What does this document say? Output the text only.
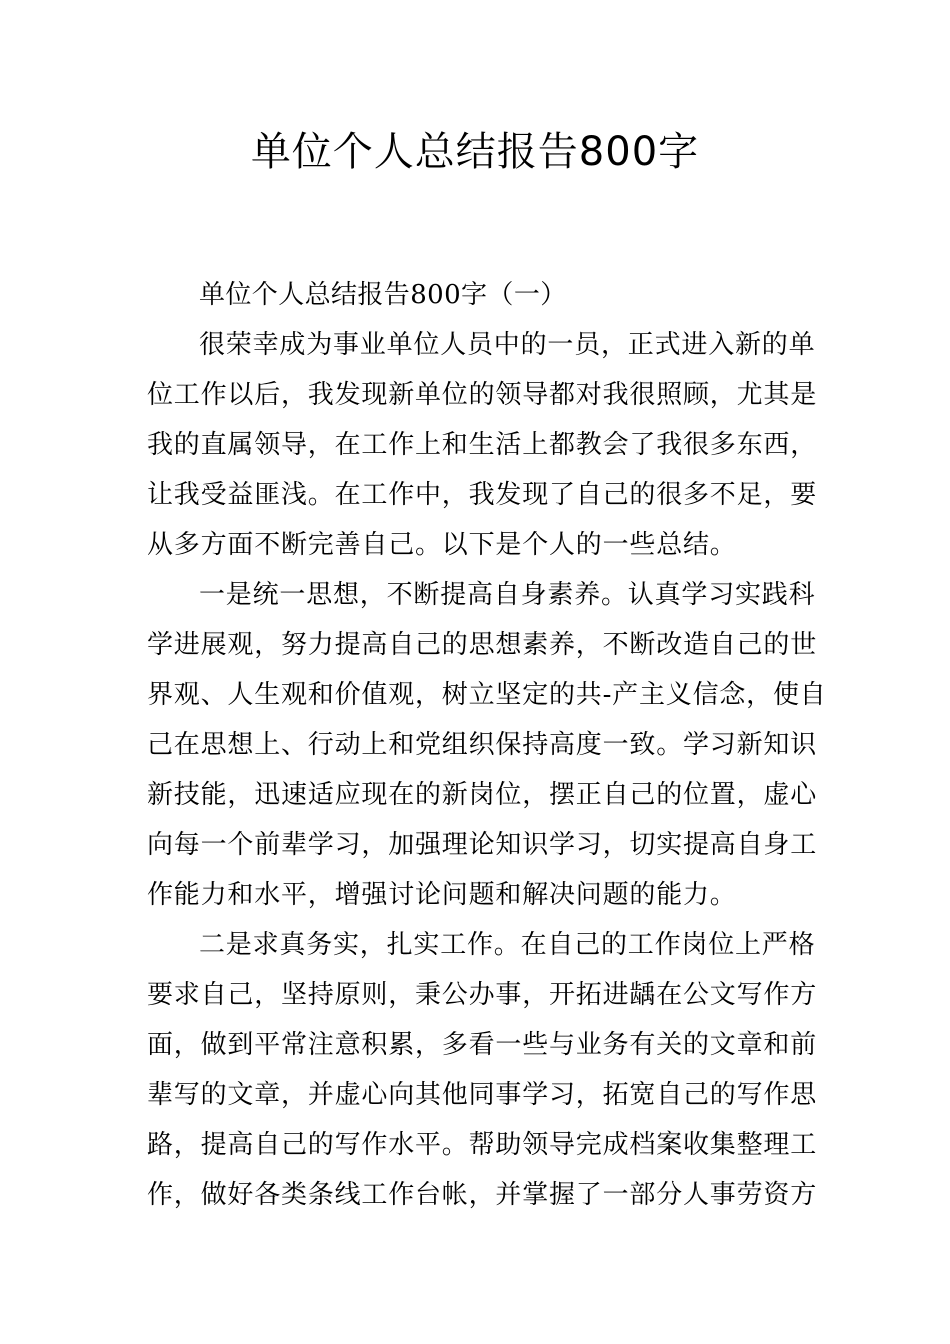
单位个人总结报告800字

单位个人总结报告800字（一）

很荣幸成为事业单位人员中的一员，正式进入新的单
位工作以后，我发现新单位的领导都对我很照顾，尤其是
我的直属领导，在工作上和生活上都教会了我很多东西，
让我受益匪浅。在工作中，我发现了自己的很多不足，要
从多方面不断完善自己。以下是个人的一些总结。
一是统一思想，不断提高自身素养。认真学习实践科
学进展观，努力提高自己的思想素养，不断改造自己的世
界观、人生观和价值观，树立坚定的共-产主义信念，使自
己在思想上、行动上和党组织保持高度一致。学习新知识
新技能，迅速适应现在的新岗位，摆正自己的位置，虚心
向每一个前辈学习，加强理论知识学习，切实提高自身工
作能力和水平，增强讨论问题和解决问题的能力。
二是求真务实，扎实工作。在自己的工作岗位上严格
要求自己，坚持原则，秉公办事，开拓进龋在公文写作方
面，做到平常注意积累，多看一些与业务有关的文章和前
辈写的文章，并虚心向其他同事学习，拓宽自己的写作思
路，提高自己的写作水平。帮助领导完成档案收集整理工
作，做好各类条线工作台帐，并掌握了一部分人事劳资方
